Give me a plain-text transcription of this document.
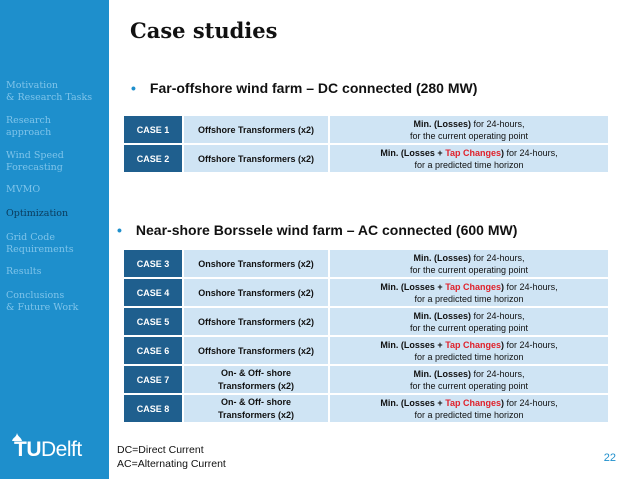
Motivation
& Research Tasks
Research
approach
Wind Speed
Forecasting
MVMO
Optimization
Grid Code
Requirements
Results
Conclusions
& Future Work
TUDelft
Case studies
• Far-offshore wind farm – DC connected (280 MW)
CASE 1	Offshore Transformers (x2)	Min. (Losses) for 24-hours,
for the current operating point
CASE 2	Offshore Transformers (x2)	Min. (Losses + Tap Changes) for 24-hours,
for a predicted time horizon
• Near-shore Borssele wind farm – AC connected (600 MW)
CASE 3	Onshore Transformers (x2)	Min. (Losses) for 24-hours,
for the current operating point
CASE 4	Onshore Transformers (x2)	Min. (Losses + Tap Changes) for 24-hours,
for a predicted time horizon
CASE 5	Offshore Transformers (x2)	Min. (Losses) for 24-hours,
for the current operating point
CASE 6	Offshore Transformers (x2)	Min. (Losses + Tap Changes) for 24-hours,
for a predicted time horizon
CASE 7	On- & Off- shore
Transformers (x2)	Min. (Losses) for 24-hours,
for the current operating point
CASE 8	On- & Off- shore
Transformers (x2)	Min. (Losses + Tap Changes) for 24-hours,
for a predicted time horizon
DC=Direct Current
AC=Alternating Current	22
